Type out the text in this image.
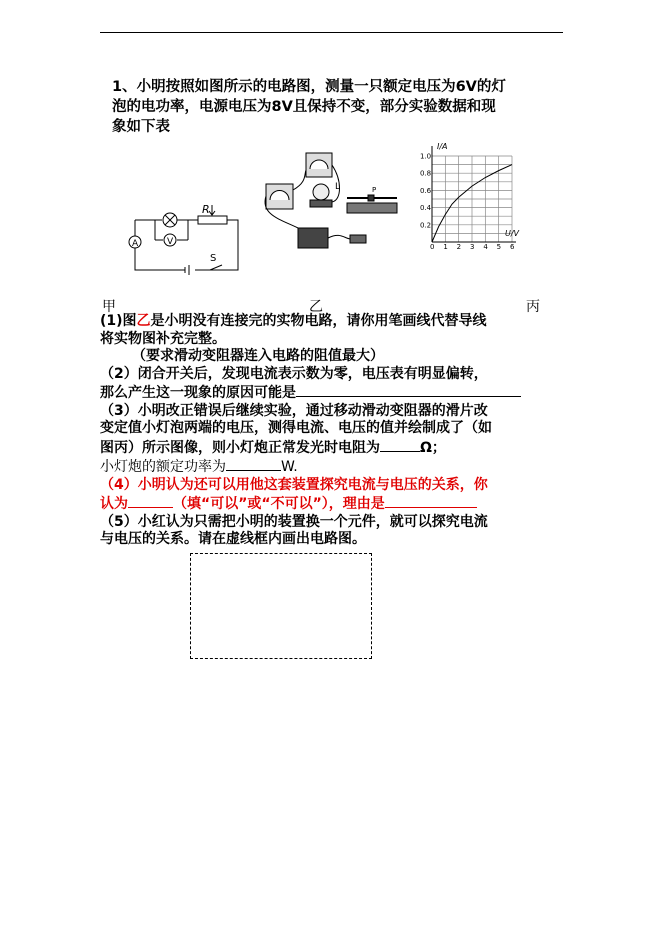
1、小明按照如图所示的电路图，测量一只额定电压为6V的灯
泡的电功率，电源电压为8V且保持不变，部分实验数据和现
象如下表
R
A	V
S
L	P
0 1 2 3 4 5 6
0.2
0.4
0.6
0.8
1.0
I/A
U/V
甲	乙	丙

(1)图乙是小明没有连接完的实物电路，请你用笔画线代替导线

将实物图补充完整。

（要求滑动变阻器连入电路的阻值最大）

（2）闭合开关后，发现电流表示数为零，电压表有明显偏转，

那么产生这一现象的原因可能是

（3）小明改正错误后继续实验，通过移动滑动变阻器的滑片改

变定值小灯泡两端的电压，测得电流、电压的值并绘制成了（如

图丙）所示图像，则小灯炮正常发光时电阻为	Ω；

小灯炮的额定功率为	W.

（4）小明认为还可以用他这套装置探究电流与电压的关系，你

认为	（填“可以”或“不可以”），理由是

（5）小红认为只需把小明的装置换一个元件，就可以探究电流

与电压的关系。请在虚线框内画出电路图。
